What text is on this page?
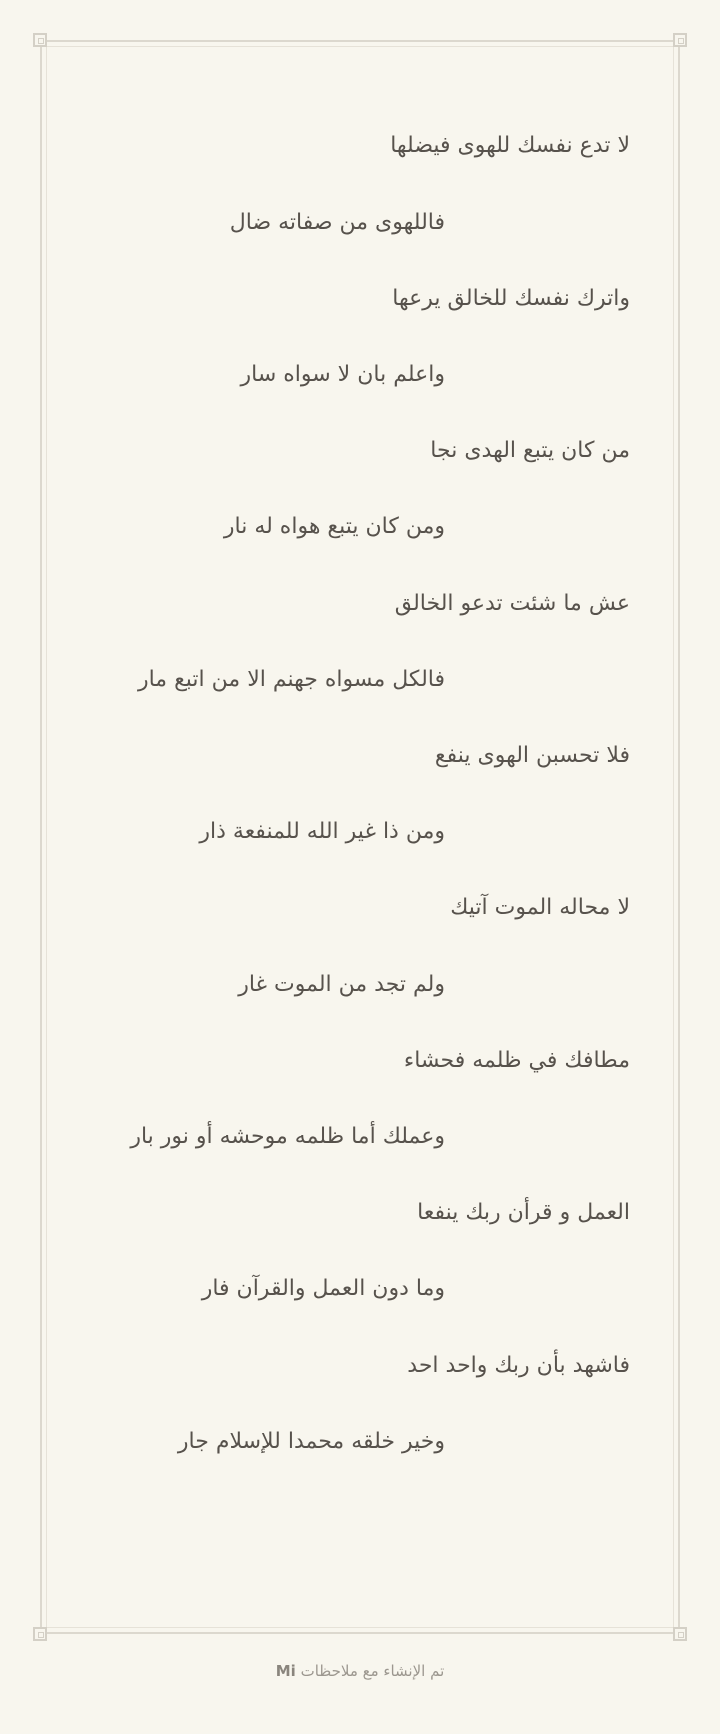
لا تدع نفسك للهوى فيضلها
فاللهوى من صفاته ضال
واترك نفسك للخالق يرعها
واعلم بان لا سواه سار
من كان يتبع الهدى نجا
ومن كان يتبع هواه له نار
عش ما شئت تدعو الخالق
فالكل مسواه جهنم الا من اتبع مار
فلا تحسبن الهوى ينفع
ومن ذا غير الله للمنفعة ذار
لا محاله الموت آتيك
ولم تجد من الموت غار
مطافك في ظلمه فحشاء
وعملك أما ظلمه موحشه أو نور بار
العمل و قرأن ربك ينفعا
وما دون العمل والقرآن فار
فاشهد بأن ربك واحد احد
وخير خلقه محمدا للإسلام جار
تم الإنشاء مع ملاحظات Mi
